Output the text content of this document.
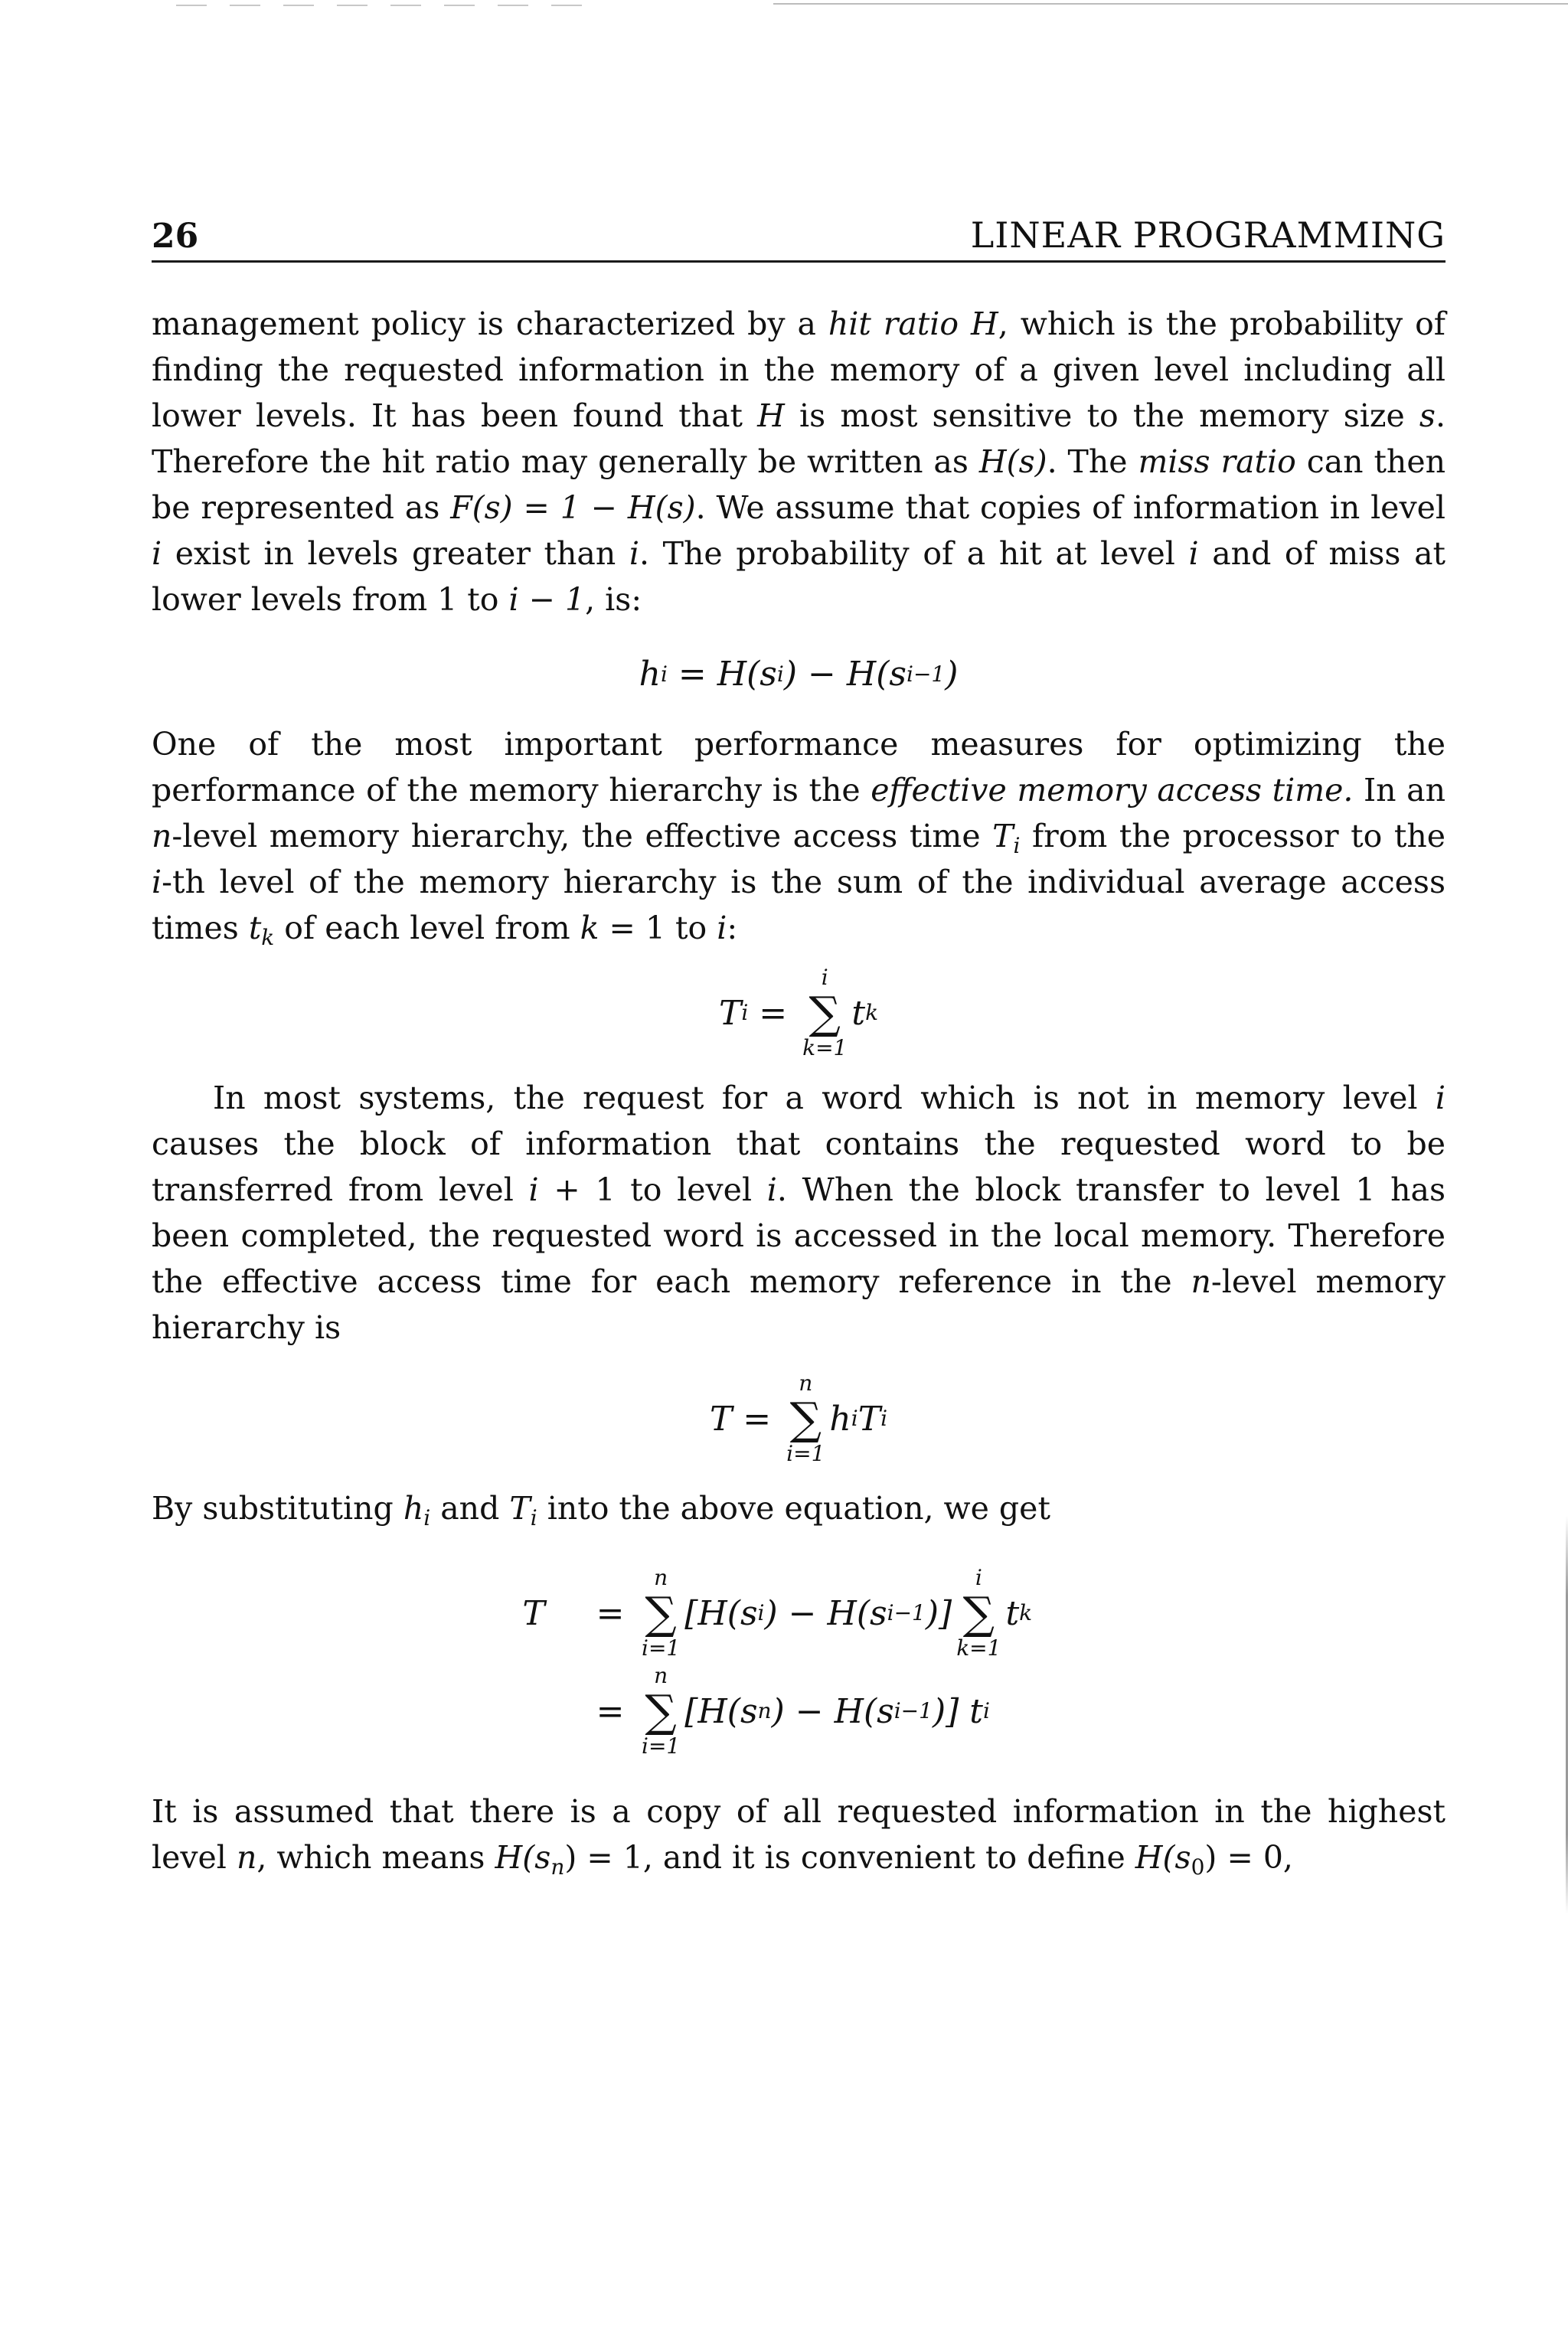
26	LINEAR PROGRAMMING

management policy is characterized by a hit ratio H, which is the probability of finding the requested information in the memory of a given level including all lower levels. It has been found that H is most sensitive to the memory size s. Therefore the hit ratio may generally be written as H(s). The miss ratio can then be represented as F(s) = 1 − H(s). We assume that copies of information in level i exist in levels greater than i. The probability of a hit at level i and of miss at lower levels from 1 to i − 1, is:

h i = H(s i ) − H(s i−1 )

One of the most important performance measures for optimizing the performance of the memory hierarchy is the effective memory access time. In an n-level memory hierarchy, the effective access time $T_i$ from the processor to the i-th level of the memory hierarchy is the sum of the individual average access times $t_k$ of each level from k = 1 to i:

T i =
i
∑
k=1
t k

In most systems, the request for a word which is not in memory level i causes the block of information that contains the requested word to be transferred from level i + 1 to level i. When the block transfer to level 1 has been completed, the requested word is accessed in the local memory. Therefore the effective access time for each memory reference in the n-level memory hierarchy is

T =
n
∑
i=1
h i T i

By substituting $h_i$ and $T_i$ into the above equation, we get

T	=
n
∑
i=1
[H(s i ) − H(s i−1 )]
i
∑
k=1
t k
=
n
∑
i=1
[H(s n ) − H(s i−1 )] t i

It is assumed that there is a copy of all requested information in the highest level n, which means $H(s_n) = 1$, and it is convenient to define $H(s_0) = 0$,
